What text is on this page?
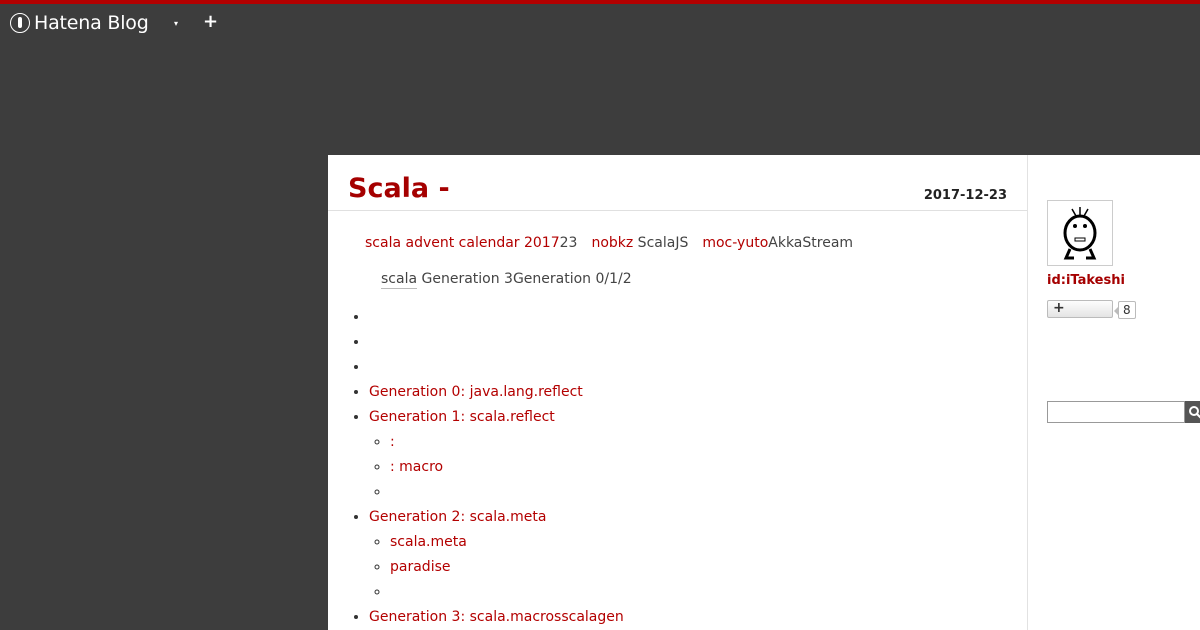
Hatena Blog	▾ +
Scala -	2017-12-23
scala advent calendar 201723 nobkz ScalaJS moc-yutoAkkaStream
scala Generation 3Generation 0/1/2
•
•
•
• Generation 0: java.lang.reflect
• Generation 1: scala.reflect
◦ :
◦ : macro
◦
• Generation 2: scala.meta
◦ scala.meta
◦ paradise
◦
• Generation 3: scala.macrosscalagen
id:iTakeshi
+	8
